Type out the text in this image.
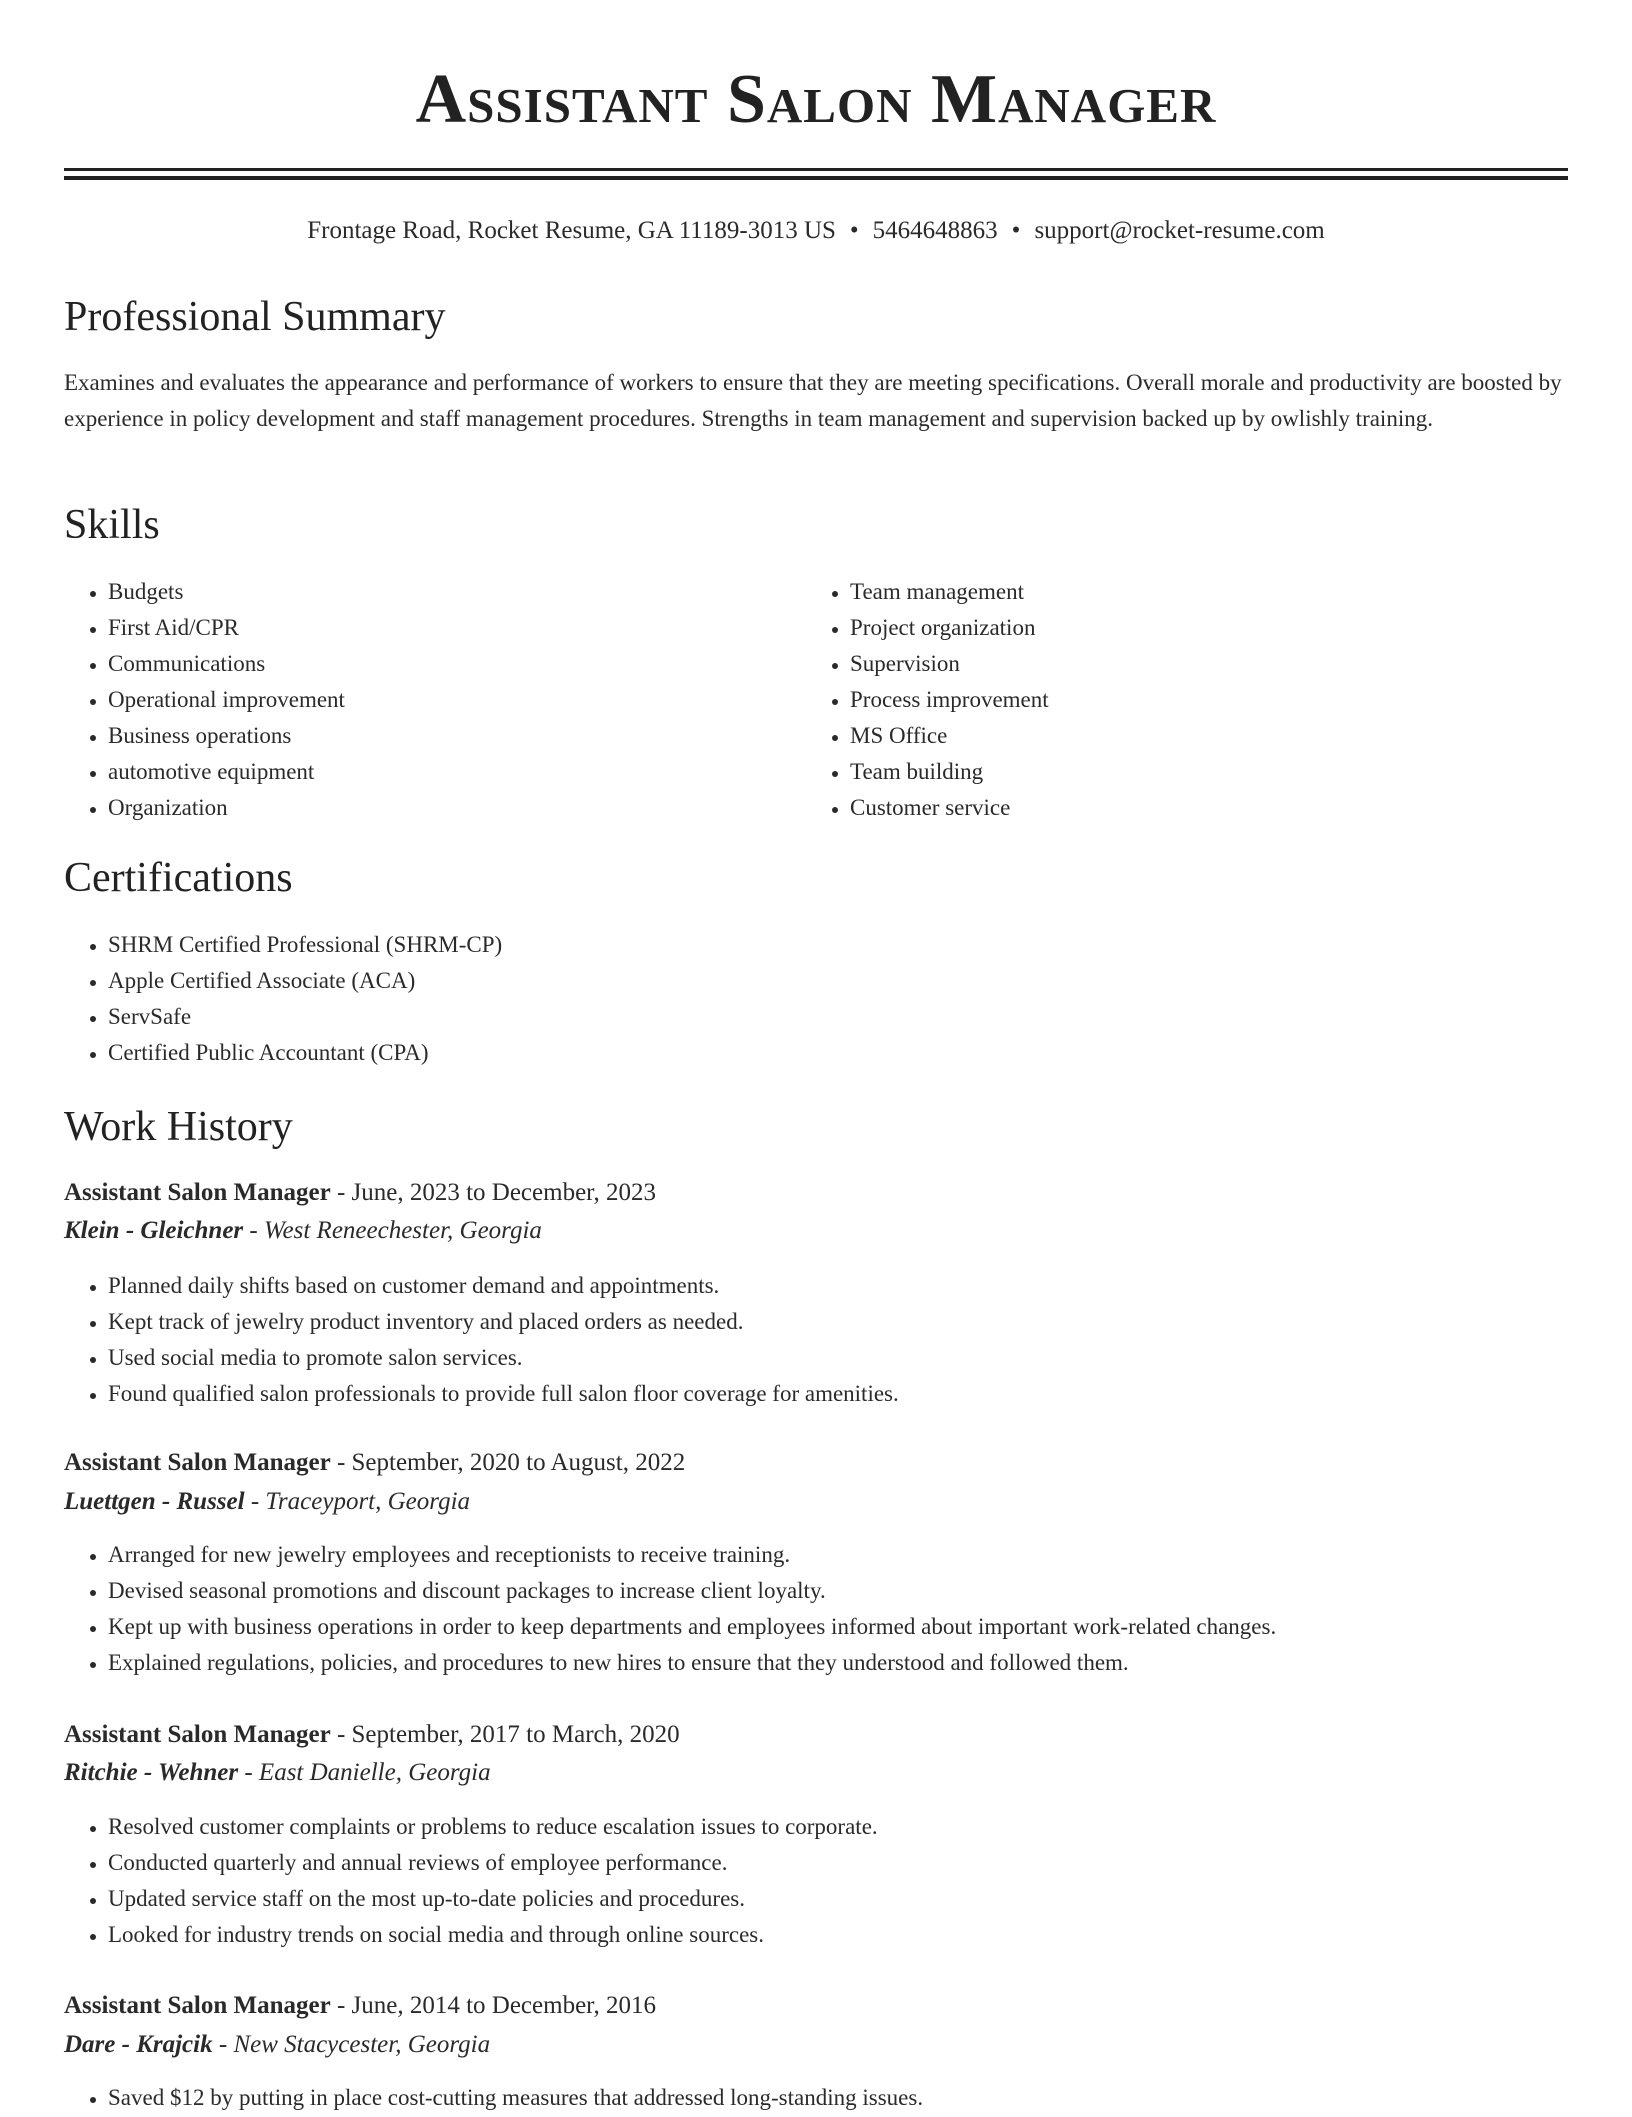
Assistant Salon Manager

Frontage Road, Rocket Resume, GA 11189-3013 US • 5464648863 • support@rocket-resume.com

Professional Summary

Examines and evaluates the appearance and performance of workers to ensure that they are meeting specifications. Overall morale and productivity are boosted by experience in policy development and staff management procedures. Strengths in team management and supervision backed up by owlishly training.

Skills
• Budgets
• First Aid/CPR
• Communications
• Operational improvement
• Business operations
• automotive equipment
• Organization
• Team management
• Project organization
• Supervision
• Process improvement
• MS Office
• Team building
• Customer service
Certifications
• SHRM Certified Professional (SHRM-CP)
• Apple Certified Associate (ACA)
• ServSafe
• Certified Public Accountant (CPA)
Work History

Assistant Salon Manager - June, 2023 to December, 2023

Klein - Gleichner - West Reneechester, Georgia

• Planned daily shifts based on customer demand and appointments.
• Kept track of jewelry product inventory and placed orders as needed.
• Used social media to promote salon services.
• Found qualified salon professionals to provide full salon floor coverage for amenities.

Assistant Salon Manager - September, 2020 to August, 2022

Luettgen - Russel - Traceyport, Georgia

• Arranged for new jewelry employees and receptionists to receive training.
• Devised seasonal promotions and discount packages to increase client loyalty.
• Kept up with business operations in order to keep departments and employees informed about important work-related changes.
• Explained regulations, policies, and procedures to new hires to ensure that they understood and followed them.

Assistant Salon Manager - September, 2017 to March, 2020

Ritchie - Wehner - East Danielle, Georgia

• Resolved customer complaints or problems to reduce escalation issues to corporate.
• Conducted quarterly and annual reviews of employee performance.
• Updated service staff on the most up-to-date policies and procedures.
• Looked for industry trends on social media and through online sources.

Assistant Salon Manager - June, 2014 to December, 2016

Dare - Krajcik - New Stacycester, Georgia

• Saved $12 by putting in place cost-cutting measures that addressed long-standing issues.
